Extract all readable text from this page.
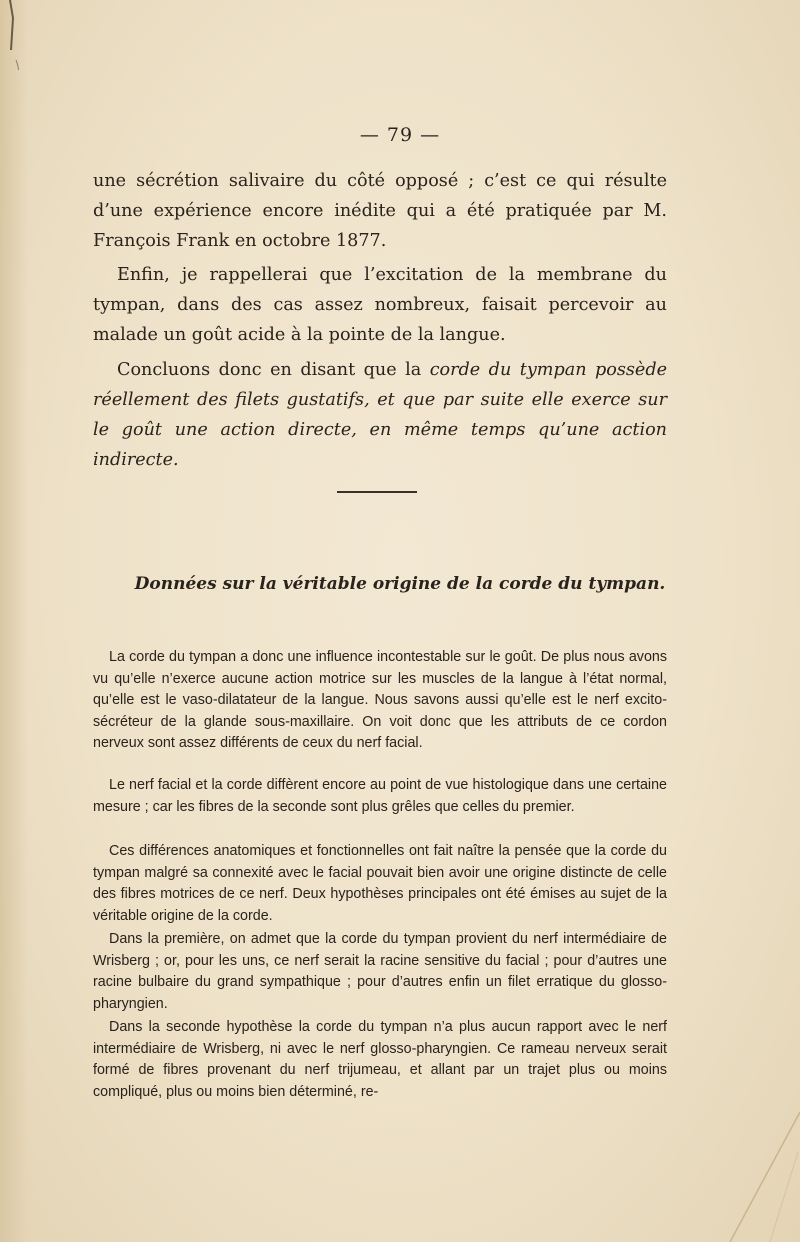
— 79 —

une sécrétion salivaire du côté opposé ; c’est ce qui résulte d’une expérience encore inédite qui a été pratiquée par M. François Frank en octobre 1877.

Enfin, je rappellerai que l’excitation de la membrane du tympan, dans des cas assez nombreux, faisait percevoir au malade un goût acide à la pointe de la langue.

Concluons donc en disant que la corde du tympan possède réellement des filets gustatifs, et que par suite elle exerce sur le goût une action directe, en même temps qu’une action indirecte.

Données sur la véritable origine de la corde du tympan.

La corde du tympan a donc une influence incontestable sur le goût. De plus nous avons vu qu’elle n’exerce aucune action motrice sur les muscles de la langue à l’état normal, qu’elle est le vaso-dilatateur de la langue. Nous savons aussi qu’elle est le nerf excito-sécréteur de la glande sous-maxillaire. On voit donc que les attributs de ce cordon nerveux sont assez différents de ceux du nerf facial.

Le nerf facial et la corde diffèrent encore au point de vue histologique dans une certaine mesure ; car les fibres de la seconde sont plus grêles que celles du premier.

Ces différences anatomiques et fonctionnelles ont fait naître la pensée que la corde du tympan malgré sa connexité avec le facial pouvait bien avoir une origine distincte de celle des fibres motrices de ce nerf. Deux hypothèses principales ont été émises au sujet de la véritable origine de la corde.

Dans la première, on admet que la corde du tympan provient du nerf intermédiaire de Wrisberg ; or, pour les uns, ce nerf serait la racine sensitive du facial ; pour d’autres une racine bulbaire du grand sympathique ; pour d’autres enfin un filet erratique du glosso-pharyngien.

Dans la seconde hypothèse la corde du tympan n’a plus aucun rapport avec le nerf intermédiaire de Wrisberg, ni avec le nerf glosso-pharyngien. Ce rameau nerveux serait formé de fibres provenant du nerf trijumeau, et allant par un trajet plus ou moins compliqué, plus ou moins bien déterminé, re-
